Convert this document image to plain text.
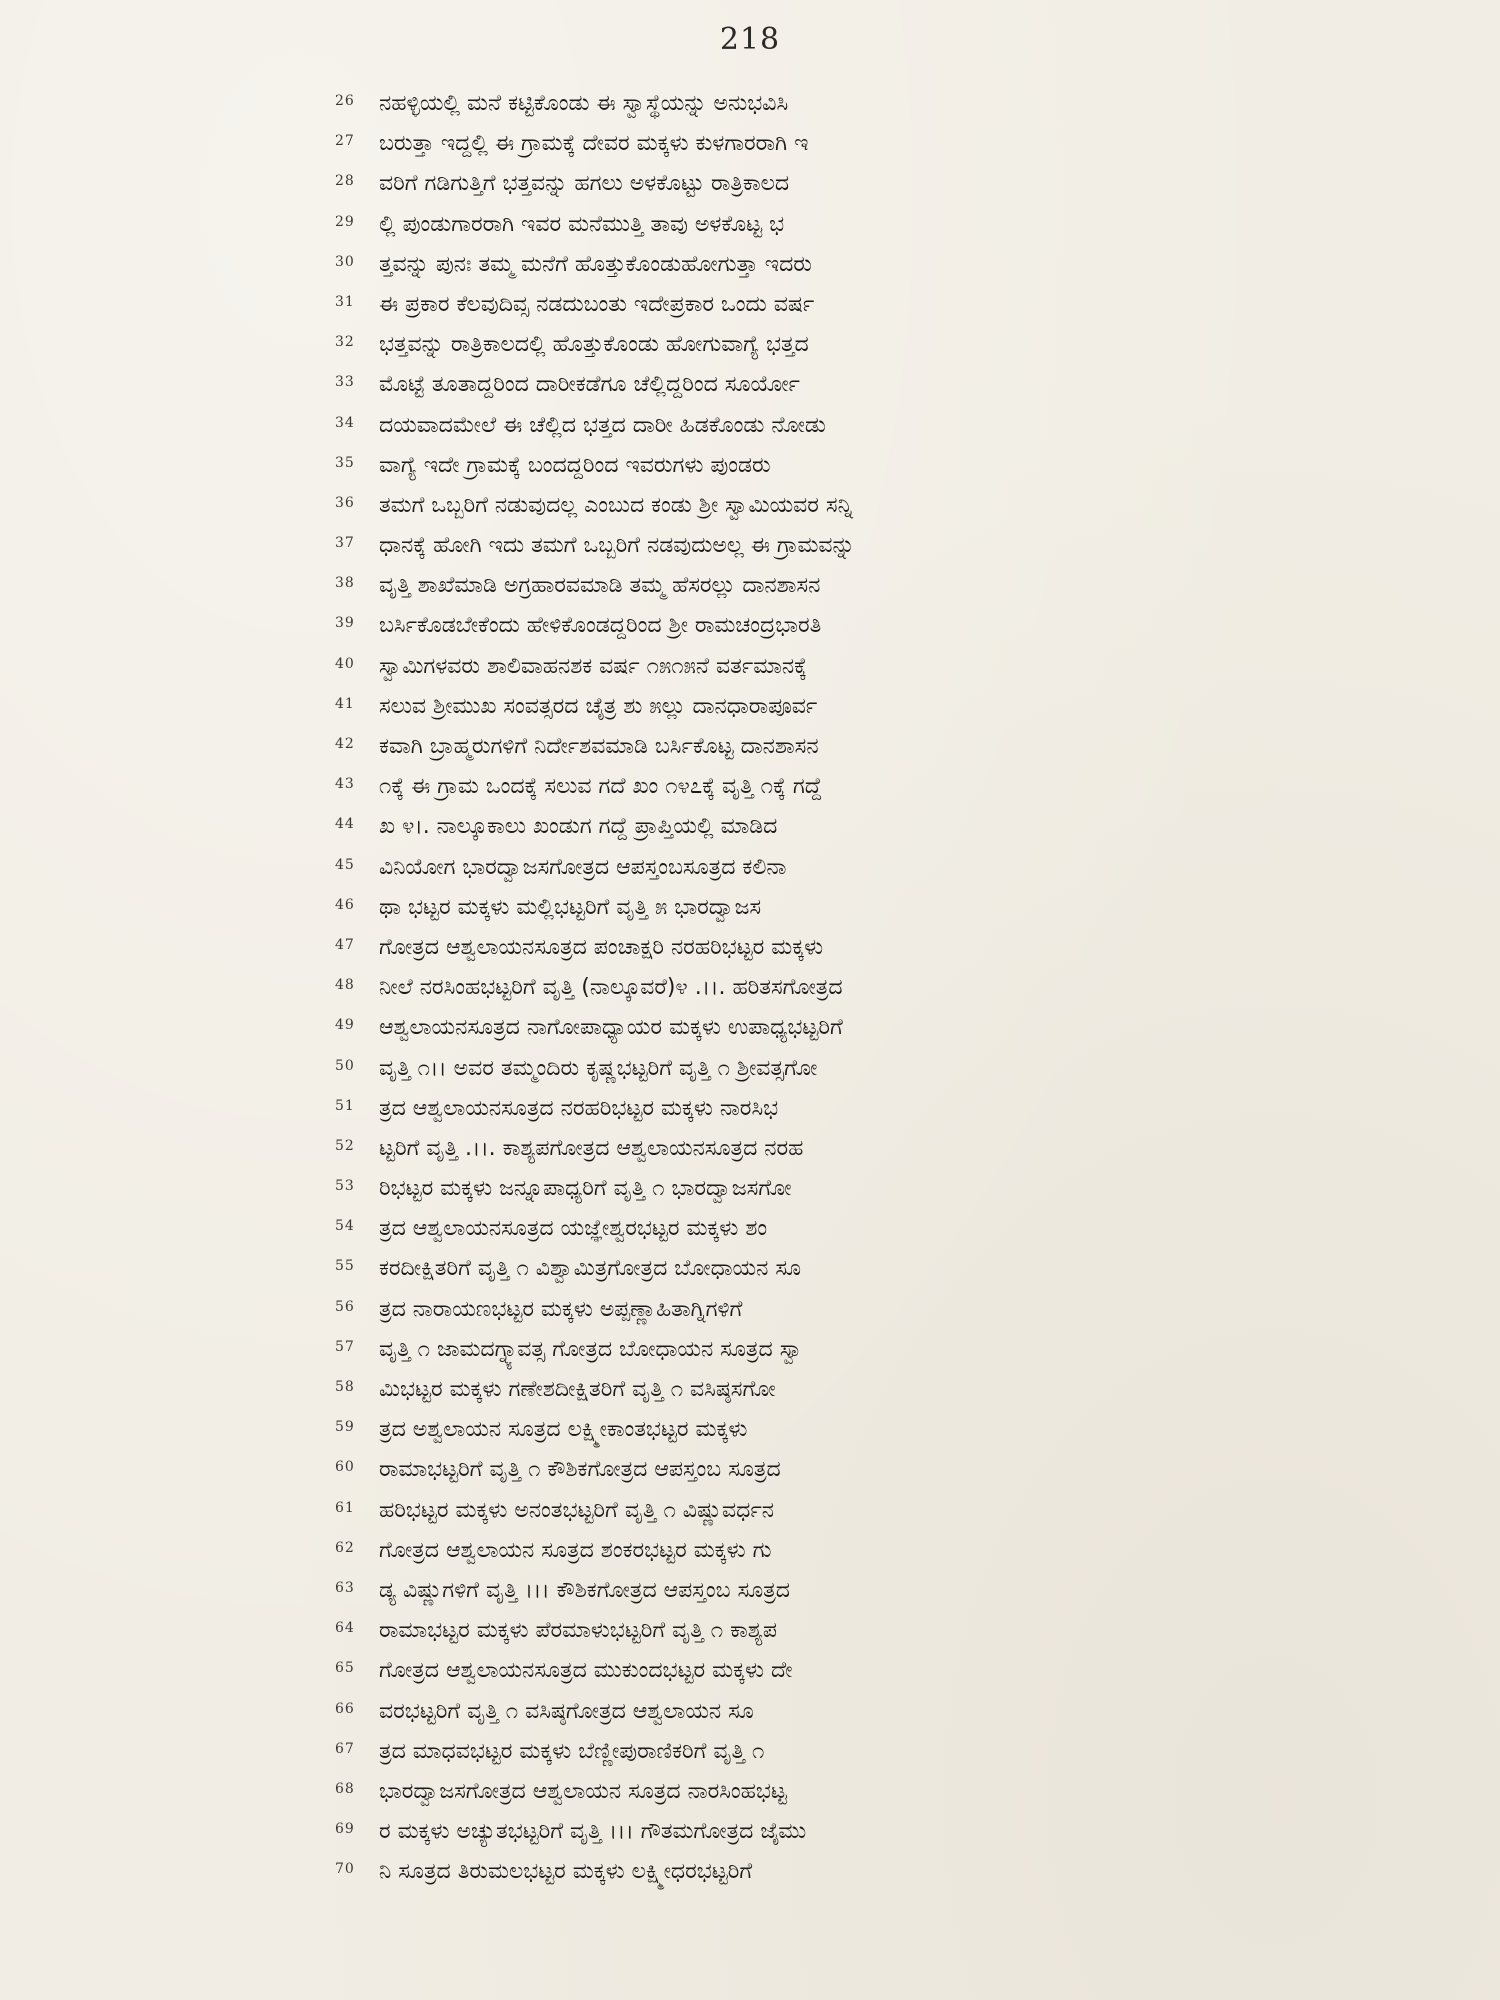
218
26	ನಹಳ್ಳಿಯಲ್ಲಿ ಮನೆ ಕಟ್ಟಿಕೊಂಡು ಈ ಸ್ವಾಸ್ಥೆಯನ್ನು ಅನುಭವಿಸಿ
27	ಬರುತ್ತಾ ಇದ್ದಲ್ಲಿ ಈ ಗ್ರಾಮಕ್ಕೆ ದೇವರ ಮಕ್ಕಳು ಕುಳಗಾರರಾಗಿ ಇ
28	ವರಿಗೆ ಗಡಿಗುತ್ತಿಗೆ ಭತ್ತವನ್ನು ಹಗಲು ಅಳಕೊಟ್ಟು ರಾತ್ರಿಕಾಲದ
29	ಲ್ಲಿ ಪುಂಡುಗಾರರಾಗಿ ಇವರ ಮನೆಮುತ್ತಿ ತಾವು ಅಳಕೊಟ್ಟ ಭ
30	ತ್ತವನ್ನು ಪುನಃ ತಮ್ಮ ಮನೆಗೆ ಹೊತ್ತುಕೊಂಡುಹೋಗುತ್ತಾ ಇದರು
31	ಈ ಪ್ರಕಾರ ಕೆಲವುದಿವ್ಸ ನಡದುಬಂತು ಇದೇಪ್ರಕಾರ ಒಂದು ವರ್ಷ
32	ಭತ್ತವನ್ನು ರಾತ್ರಿಕಾಲದಲ್ಲಿ ಹೊತ್ತುಕೊಂಡು ಹೋಗುವಾಗ್ಯೆ ಭತ್ತದ
33	ಮೊಟ್ಟೆ ತೂತಾದ್ದರಿಂದ ದಾರೀಕಡೆಗೂ ಚೆಲ್ಲಿದ್ದರಿಂದ ಸೂರ್ಯೋ
34	ದಯವಾದಮೇಲೆ ಈ ಚೆಲ್ಲಿದ ಭತ್ತದ ದಾರೀ ಹಿಡಕೊಂಡು ನೋಡು
35	ವಾಗ್ಯೆ ಇದೇ ಗ್ರಾಮಕ್ಕೆ ಬಂದದ್ದರಿಂದ ಇವರುಗಳು ಪುಂಡರು
36	ತಮಗೆ ಒಬ್ಬರಿಗೆ ನಡುವುದಲ್ಲ ಎಂಬುದ ಕಂಡು ಶ್ರೀ ಸ್ವಾಮಿಯವರ ಸನ್ನಿ
37	ಧಾನಕ್ಕೆ ಹೋಗಿ ಇದು ತಮಗೆ ಒಬ್ಬರಿಗೆ ನಡವುದುಅಲ್ಲ ಈ ಗ್ರಾಮವನ್ನು
38	ವೃತ್ತಿ ಶಾಖೆಮಾಡಿ ಅಗ್ರಹಾರವಮಾಡಿ ತಮ್ಮ ಹೆಸರಲ್ಲು ದಾನಶಾಸನ
39	ಬರ್ಸಿಕೊಡಬೇಕೆಂದು ಹೇಳಿಕೊಂಡದ್ದರಿಂದ ಶ್ರೀ ರಾಮಚಂದ್ರಭಾರತಿ
40	ಸ್ವಾಮಿಗಳವರು ಶಾಲಿವಾಹನಶಕ ವರ್ಷ ೧೫೧೫ನೆ ವರ್ತಮಾನಕ್ಕೆ
41	ಸಲುವ ಶ್ರೀಮುಖ ಸಂವತ್ಸರದ ಚೈತ್ರ ಶು ೫ಲ್ಲು ದಾನಧಾರಾಪೂರ್ವ
42	ಕವಾಗಿ ಬ್ರಾಹ್ಮರುಗಳಿಗೆ ನಿರ್ದೇಶವಮಾಡಿ ಬರ್ಸಿಕೊಟ್ಟ ದಾನಶಾಸನ
43	೧ಕ್ಕೆ ಈ ಗ್ರಾಮ ಒಂದಕ್ಕೆ ಸಲುವ ಗದೆ ಖಂ ೧೪೭ಕ್ಕೆ ವೃತ್ತಿ ೧ಕ್ಕೆ ಗದ್ದೆ
44	ಖ ೪।. ನಾಲ್ಕೂಕಾಲು ಖಂಡುಗ ಗದ್ದೆ ಪ್ರಾಪ್ತಿಯಲ್ಲಿ ಮಾಡಿದ
45	ವಿನಿಯೋಗ ಭಾರದ್ವಾಜಸಗೋತ್ರದ ಆಪಸ್ತಂಬಸೂತ್ರದ ಕಲಿನಾ
46	ಥಾ ಭಟ್ಟರ ಮಕ್ಕಳು ಮಲ್ಲಿಭಟ್ಟರಿಗೆ ವೃತ್ತಿ ೫ ಭಾರದ್ವಾಜಸ
47	ಗೋತ್ರದ ಆಶ್ವಲಾಯನಸೂತ್ರದ ಪಂಚಾಕ್ಷರಿ ನರಹರಿಭಟ್ಟರ ಮಕ್ಕಳು
48	ನೀಲೆ ನರಸಿಂಹಭಟ್ಟರಿಗೆ ವೃತ್ತಿ (ನಾಲ್ಕೂವರೆ)೪ .।।. ಹರಿತಸಗೋತ್ರದ
49	ಆಶ್ವಲಾಯನಸೂತ್ರದ ನಾಗೋಪಾಧ್ಯಾಯರ ಮಕ್ಕಳು ಉಪಾಧ್ಯಭಟ್ಟರಿಗೆ
50	ವೃತ್ತಿ ೧।। ಅವರ ತಮ್ಮಂದಿರು ಕೃಷ್ಣಭಟ್ಟರಿಗೆ ವೃತ್ತಿ ೧ ಶ್ರೀವತ್ಸಗೋ
51	ತ್ರದ ಆಶ್ವಲಾಯನಸೂತ್ರದ ನರಹರಿಭಟ್ಟರ ಮಕ್ಕಳು ನಾರಸಿಭ
52	ಟ್ಟರಿಗೆ ವೃತ್ತಿ .।।. ಕಾಶ್ಯಪಗೋತ್ರದ ಆಶ್ವಲಾಯನಸೂತ್ರದ ನರಹ
53	ರಿಭಟ್ಟರ ಮಕ್ಕಳು ಜನ್ನೂಪಾಧ್ಯರಿಗೆ ವೃತ್ತಿ ೧ ಭಾರದ್ವಾಜಸಗೋ
54	ತ್ರದ ಆಶ್ವಲಾಯನಸೂತ್ರದ ಯಜ್ಞೇಶ್ವರಭಟ್ಟರ ಮಕ್ಕಳು ಶಂ
55	ಕರದೀಕ್ಷಿತರಿಗೆ ವೃತ್ತಿ ೧ ವಿಶ್ವಾಮಿತ್ರಗೋತ್ರದ ಬೋಧಾಯನ ಸೂ
56	ತ್ರದ ನಾರಾಯಣಭಟ್ಟರ ಮಕ್ಕಳು ಅಪ್ಪಣ್ಣಾಹಿತಾಗ್ನಿಗಳಿಗೆ
57	ವೃತ್ತಿ ೧ ಜಾಮದಗ್ನ್ಯಾವತ್ಸ ಗೋತ್ರದ ಬೋಧಾಯನ ಸೂತ್ರದ ಸ್ವಾ
58	ಮಿಭಟ್ಟರ ಮಕ್ಕಳು ಗಣೇಶದೀಕ್ಷಿತರಿಗೆ ವೃತ್ತಿ ೧ ವಸಿಷ್ಠಸಗೋ
59	ತ್ರದ ಅಶ್ವಲಾಯನ ಸೂತ್ರದ ಲಕ್ಷ್ಮೀಕಾಂತಭಟ್ಟರ ಮಕ್ಕಳು
60	ರಾಮಾಭಟ್ಟರಿಗೆ ವೃತ್ತಿ ೧ ಕೌಶಿಕಗೋತ್ರದ ಆಪಸ್ತಂಬ ಸೂತ್ರದ
61	ಹರಿಭಟ್ಟರ ಮಕ್ಕಳು ಅನಂತಭಟ್ಟರಿಗೆ ವೃತ್ತಿ ೧ ವಿಷ್ಣುವರ್ಧನ
62	ಗೋತ್ರದ ಆಶ್ವಲಾಯನ ಸೂತ್ರದ ಶಂಕರಭಟ್ಟರ ಮಕ್ಕಳು ಗು
63	ಡ್ಯ ವಿಷ್ಣುಗಳಿಗೆ ವೃತ್ತಿ ।।। ಕೌಶಿಕಗೋತ್ರದ ಆಪಸ್ತಂಬ ಸೂತ್ರದ
64	ರಾಮಾಭಟ್ಟರ ಮಕ್ಕಳು ಪೆರಮಾಳುಭಟ್ಟರಿಗೆ ವೃತ್ತಿ ೧ ಕಾಶ್ಯಪ
65	ಗೋತ್ರದ ಆಶ್ವಲಾಯನಸೂತ್ರದ ಮುಕುಂದಭಟ್ಟರ ಮಕ್ಕಳು ದೇ
66	ವರಭಟ್ಟರಿಗೆ ವೃತ್ತಿ ೧ ವಸಿಷ್ಠಗೋತ್ರದ ಆಶ್ವಲಾಯನ ಸೂ
67	ತ್ರದ ಮಾಧವಭಟ್ಟರ ಮಕ್ಕಳು ಬೆಣ್ಣೀಪುರಾಣಿಕರಿಗೆ ವೃತ್ತಿ ೧
68	ಭಾರದ್ವಾಜಸಗೋತ್ರದ ಆಶ್ವಲಾಯನ ಸೂತ್ರದ ನಾರಸಿಂಹಭಟ್ಟ
69	ರ ಮಕ್ಕಳು ಅಚ್ಯುತಭಟ್ಟರಿಗೆ ವೃತ್ತಿ ।।। ಗೌತಮಗೋತ್ರದ ಜೈಮು
70	ನಿ ಸೂತ್ರದ ತಿರುಮಲಭಟ್ಟರ ಮಕ್ಕಳು ಲಕ್ಷ್ಮೀಧರಭಟ್ಟರಿಗೆ
